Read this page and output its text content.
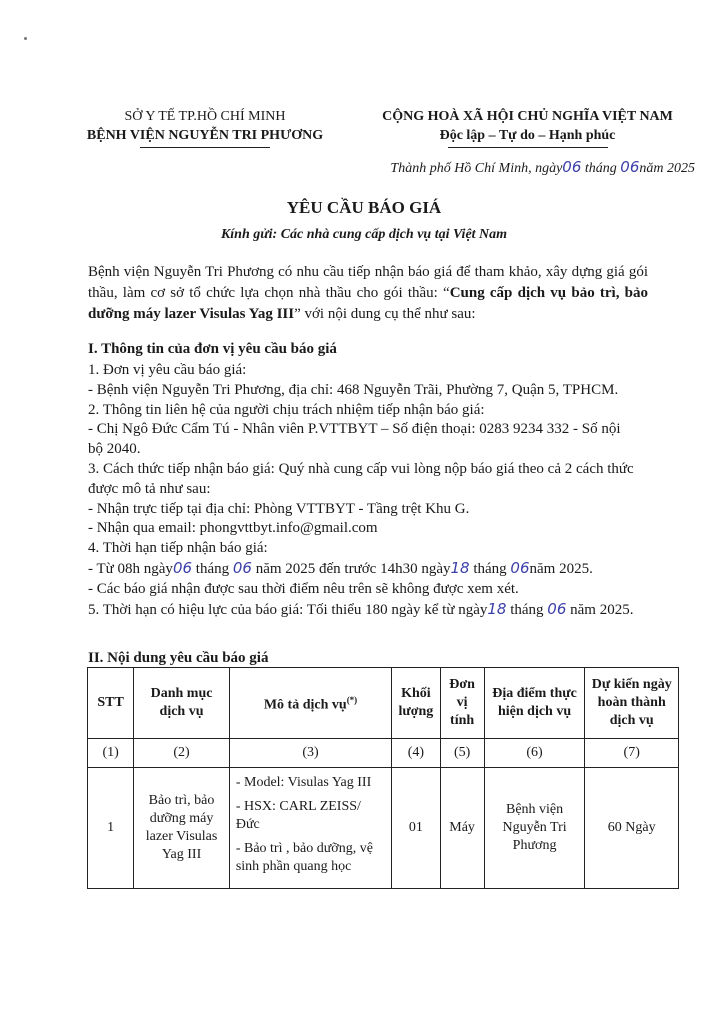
SỞ Y TẾ TP.HỒ CHÍ MINH
BỆNH VIỆN NGUYỄN TRI PHƯƠNG
CỘNG HOÀ XÃ HỘI CHỦ NGHĨA VIỆT NAM
Độc lập – Tự do – Hạnh phúc
Thành phố Hồ Chí Minh, ngày06 tháng 06năm 2025
YÊU CẦU BÁO GIÁ
Kính gửi: Các nhà cung cấp dịch vụ tại Việt Nam
Bệnh viện Nguyễn Tri Phương có nhu cầu tiếp nhận báo giá để tham khảo, xây dựng giá gói thầu, làm cơ sở tổ chức lựa chọn nhà thầu cho gói thầu: “Cung cấp dịch vụ bảo trì, bảo dưỡng máy lazer Visulas Yag III” với nội dung cụ thể như sau:
I. Thông tin của đơn vị yêu cầu báo giá
1. Đơn vị yêu cầu báo giá:
- Bệnh viện Nguyễn Tri Phương, địa chỉ: 468 Nguyễn Trãi, Phường 7, Quận 5, TPHCM.
2. Thông tin liên hệ của người chịu trách nhiệm tiếp nhận báo giá:
- Chị Ngô Đức Cẩm Tú - Nhân viên P.VTTBYT – Số điện thoại: 0283 9234 332 - Số nội
bộ 2040.
3. Cách thức tiếp nhận báo giá: Quý nhà cung cấp vui lòng nộp báo giá theo cả 2 cách thức
được mô tả như sau:
- Nhận trực tiếp tại địa chỉ: Phòng VTTBYT - Tầng trệt Khu G.
- Nhận qua email: phongvttbyt.info@gmail.com
4. Thời hạn tiếp nhận báo giá:
- Từ 08h ngày06 tháng 06 năm 2025 đến trước 14h30 ngày18 tháng 06năm 2025.
- Các báo giá nhận được sau thời điểm nêu trên sẽ không được xem xét.
5. Thời hạn có hiệu lực của báo giá: Tối thiểu 180 ngày kể từ ngày18 tháng 06 năm 2025.
II. Nội dung yêu cầu báo giá
STT	Danh mục dịch vụ	Mô tả dịch vụ(*)	Khối lượng	Đơn vị tính	Địa điểm thực hiện dịch vụ	Dự kiến ngày hoàn thành dịch vụ
(1)	(2)	(3)	(4)	(5)	(6)	(7)
1	Bảo trì, bảo dưỡng máy lazer Visulas Yag III	- Model: Visulas Yag III
- HSX: CARL ZEISS/ Đức
- Bảo trì , bảo dưỡng, vệ sinh phần quang học	01	Máy	Bệnh viện Nguyễn Tri Phương	60 Ngày
